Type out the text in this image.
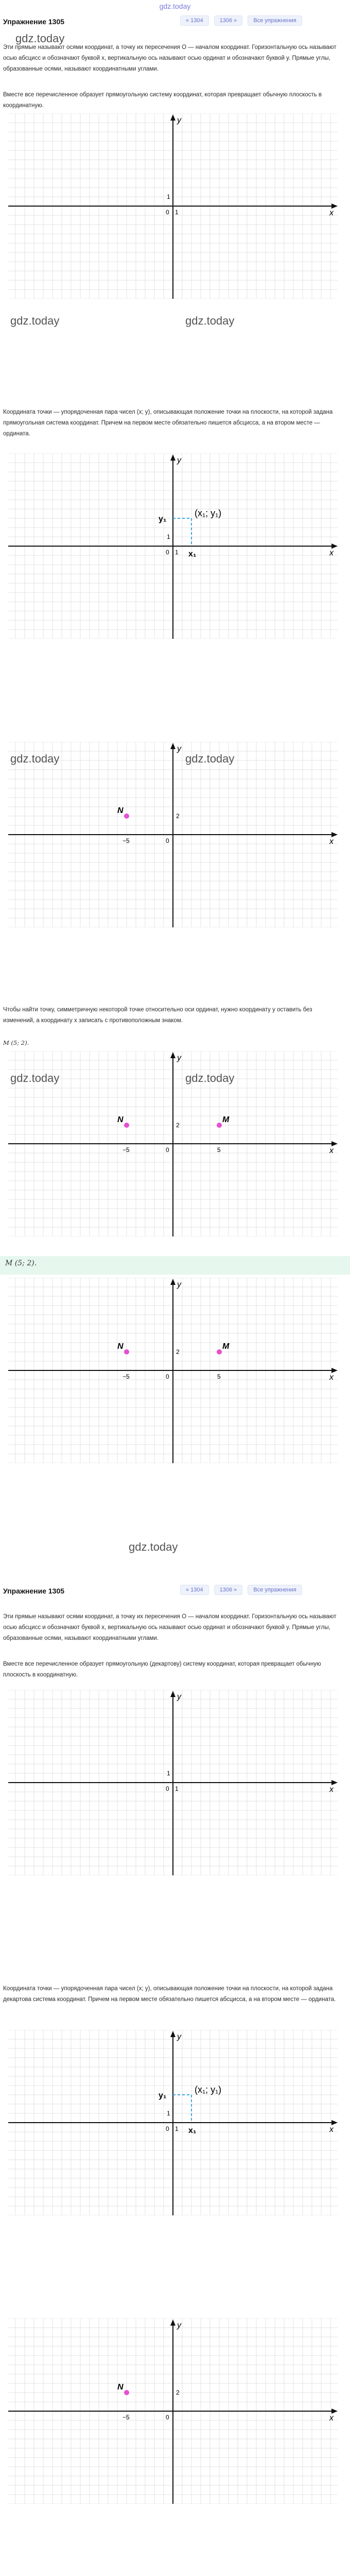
gdz.today
Упражнение 1305	« 1304	1306 »	Все упражнения
gdz.today
Эти прямые называют осями координат, а точку их пересечения O — началом координат. Горизонтальную ось называют осью абсцисс и обозначают буквой x, вертикальную ось называют осью ординат и обозначают буквой y. Прямые углы, образованные осями, называют координатными углами.
Вместе все перечисленное образует прямоугольную систему координат, которая превращает обычную плоскость в координатную.
x
y
0 1
1
Координата точки — упорядоченная пара чисел (x; y), описывающая положение точки на плоскости, на которой задана прямоугольная система координат. Причем на первом месте обязательно пишется абсцисса, а на втором месте — ордината.
x
y
0 1
1
(x₁; y₁)
y₁
x₁
x
y
0
N
−5
2
Чтобы найти точку, симметричную некоторой точке относительно оси ординат, нужно координату y оставить без изменений, а координату x записать с противоположным знаком.
M (5; 2).
x
y
0
N
−5
2
M
5
M (5; 2).
x
y
0
N
−5
2
M
5
Упражнение 1305	« 1304	1306 »	Все упражнения
Эти прямые называют осями координат, а точку их пересечения O — началом координат. Горизонтальную ось называют осью абсцисс и обозначают буквой x, вертикальную ось называют осью ординат и обозначают буквой y. Прямые углы, образованные осями, называют координатными углами.
Вместе все перечисленное образует прямоугольную (декартову) систему координат, которая превращает обычную плоскость в координатную.
x
y
0 1
1
Координата точки — упорядоченная пара чисел (x; y), описывающая положение точки на плоскости, на которой задана декартова система координат. Причем на первом месте обязательно пишется абсцисса, а на втором месте — ордината.
x
y
0 1
1
(x₁; y₁)
y₁
x₁
x
y
0
N
−5
2
gdz.today	gdz.today
gdz.today	gdz.today
gdz.today	gdz.today
gdz.today
